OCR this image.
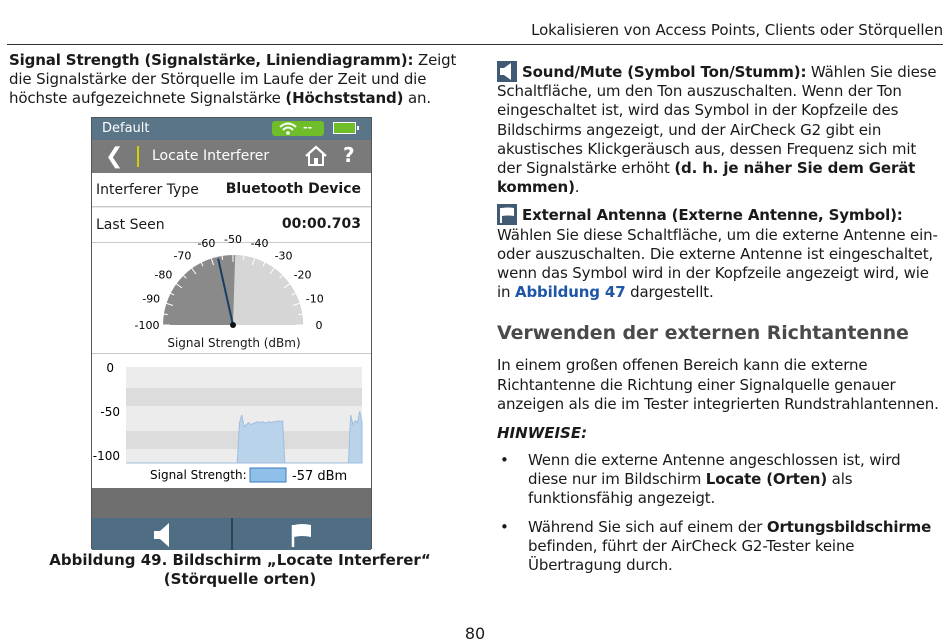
Lokalisieren von Access Points, Clients oder Störquellen

Signal Strength (Signalstärke, Liniendiagramm): Zeigt die Signalstärke der Störquelle im Laufe der Zeit und die höchste aufgezeichnete Signalstärke (Höchststand) an.

Default	--
❮ Locate Interferer	?
Interferer Type Bluetooth Device
Last Seen	00:00.703
-100
-90
-80
-70
-60 -50 -40
-30
-20
-10
0
Signal Strength (dBm)
0
-50
-100
Signal Strength:	-57 dBm
Abbildung 49. Bildschirm „Locate Interferer“
(Störquelle orten)

Sound/Mute (Symbol Ton/Stumm): Wählen Sie diese Schaltfläche, um den Ton auszuschalten. Wenn der Ton eingeschaltet ist, wird das Symbol in der Kopfzeile des Bildschirms angezeigt, und der AirCheck G2 gibt ein akustisches Klickgeräusch aus, dessen Frequenz sich mit der Signalstärke erhöht (d. h. je näher Sie dem Gerät kommen).

External Antenna (Externe Antenne, Symbol): Wählen Sie diese Schaltfläche, um die externe Antenne ein- oder auszuschalten. Die externe Antenne ist eingeschaltet, wenn das Symbol wird in der Kopfzeile angezeigt wird, wie in Abbildung 47 dargestellt.

Verwenden der externen Richtantenne

In einem großen offenen Bereich kann die externe Richtantenne die Richtung einer Signalquelle genauer anzeigen als die im Tester integrierten Rundstrahlantennen.

HINWEISE:
• Wenn die externe Antenne angeschlossen ist, wird diese nur im Bildschirm Locate (Orten) als funktionsfähig angezeigt.
• Während Sie sich auf einem der Ortungsbildschirme befinden, führt der AirCheck G2-Tester keine Übertragung durch.
80
